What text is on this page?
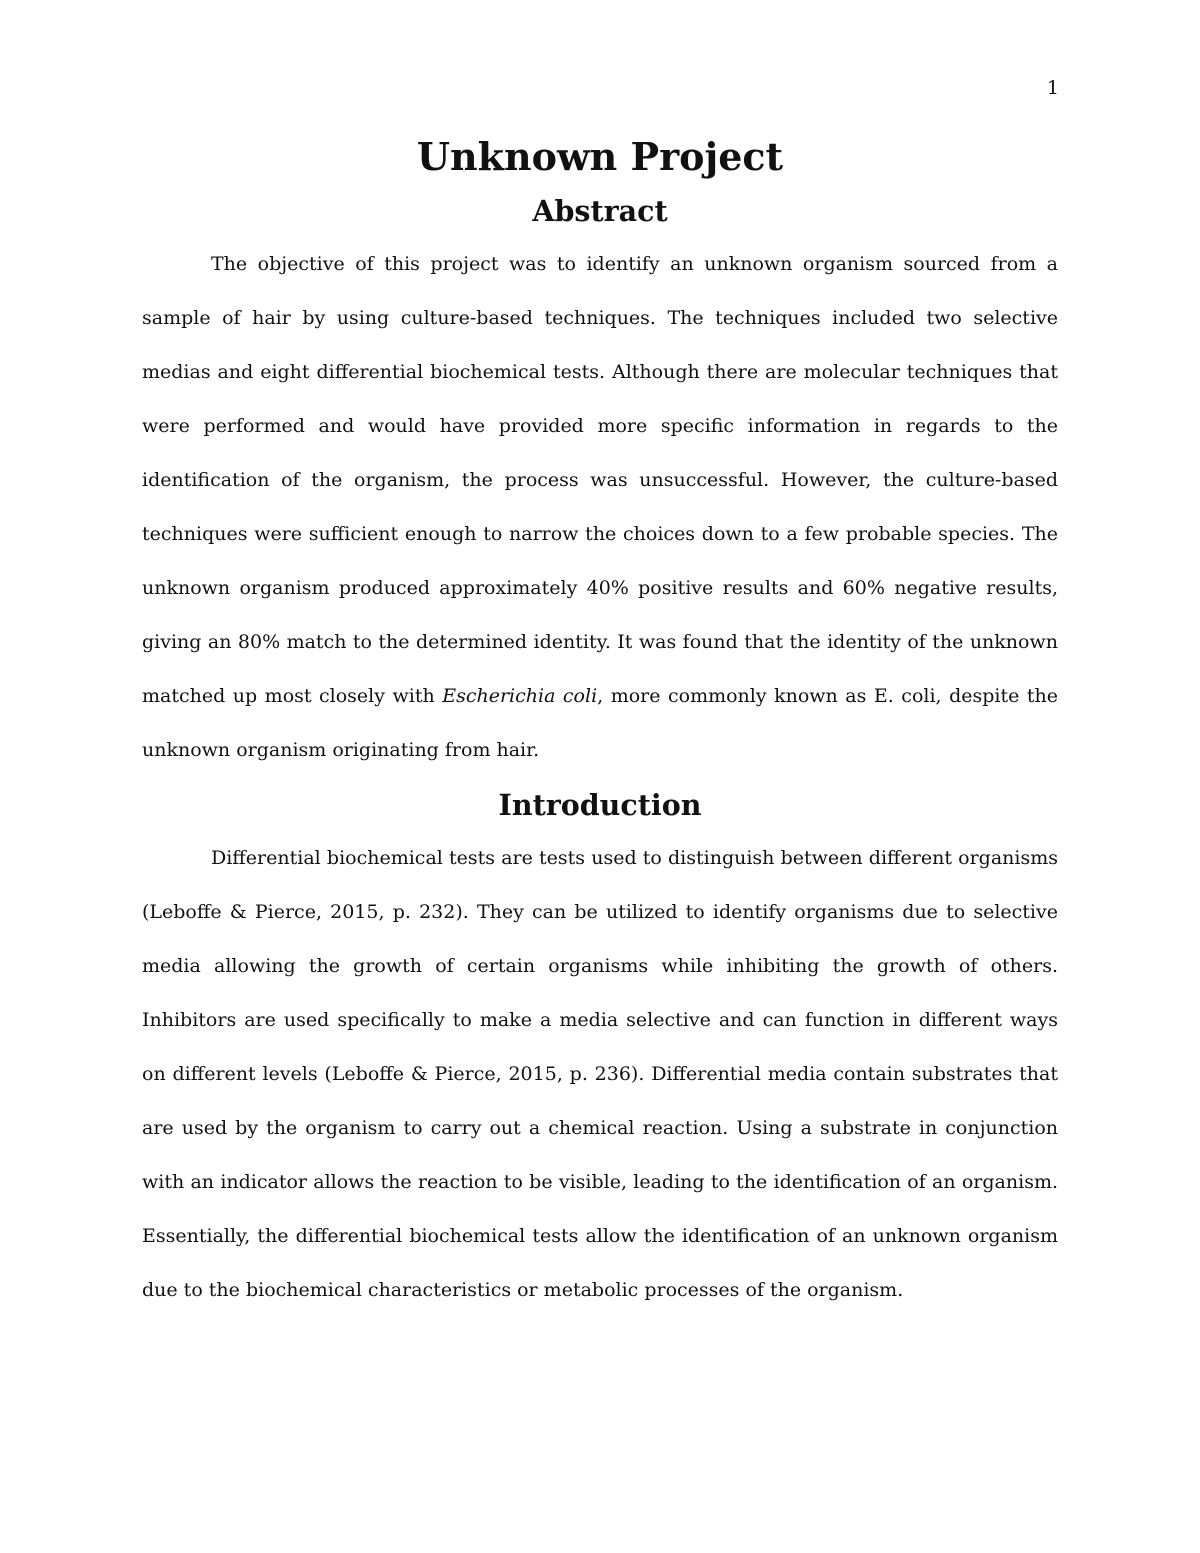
1
Unknown Project
Abstract

The objective of this project was to identify an unknown organism sourced from a sample of hair by using culture-based techniques. The techniques included two selective medias and eight differential biochemical tests. Although there are molecular techniques that were performed and would have provided more specific information in regards to the identification of the organism, the process was unsuccessful. However, the culture-based techniques were sufficient enough to narrow the choices down to a few probable species. The unknown organism produced approximately 40% positive results and 60% negative results, giving an 80% match to the determined identity. It was found that the identity of the unknown matched up most closely with Escherichia coli, more commonly known as E. coli, despite the unknown organism originating from hair.

Introduction

Differential biochemical tests are tests used to distinguish between different organisms (Leboffe & Pierce, 2015, p. 232). They can be utilized to identify organisms due to selective media allowing the growth of certain organisms while inhibiting the growth of others. Inhibitors are used specifically to make a media selective and can function in different ways on different levels (Leboffe & Pierce, 2015, p. 236). Differential media contain substrates that are used by the organism to carry out a chemical reaction. Using a substrate in conjunction with an indicator allows the reaction to be visible, leading to the identification of an organism. Essentially, the differential biochemical tests allow the identification of an unknown organism due to the biochemical characteristics or metabolic processes of the organism.
